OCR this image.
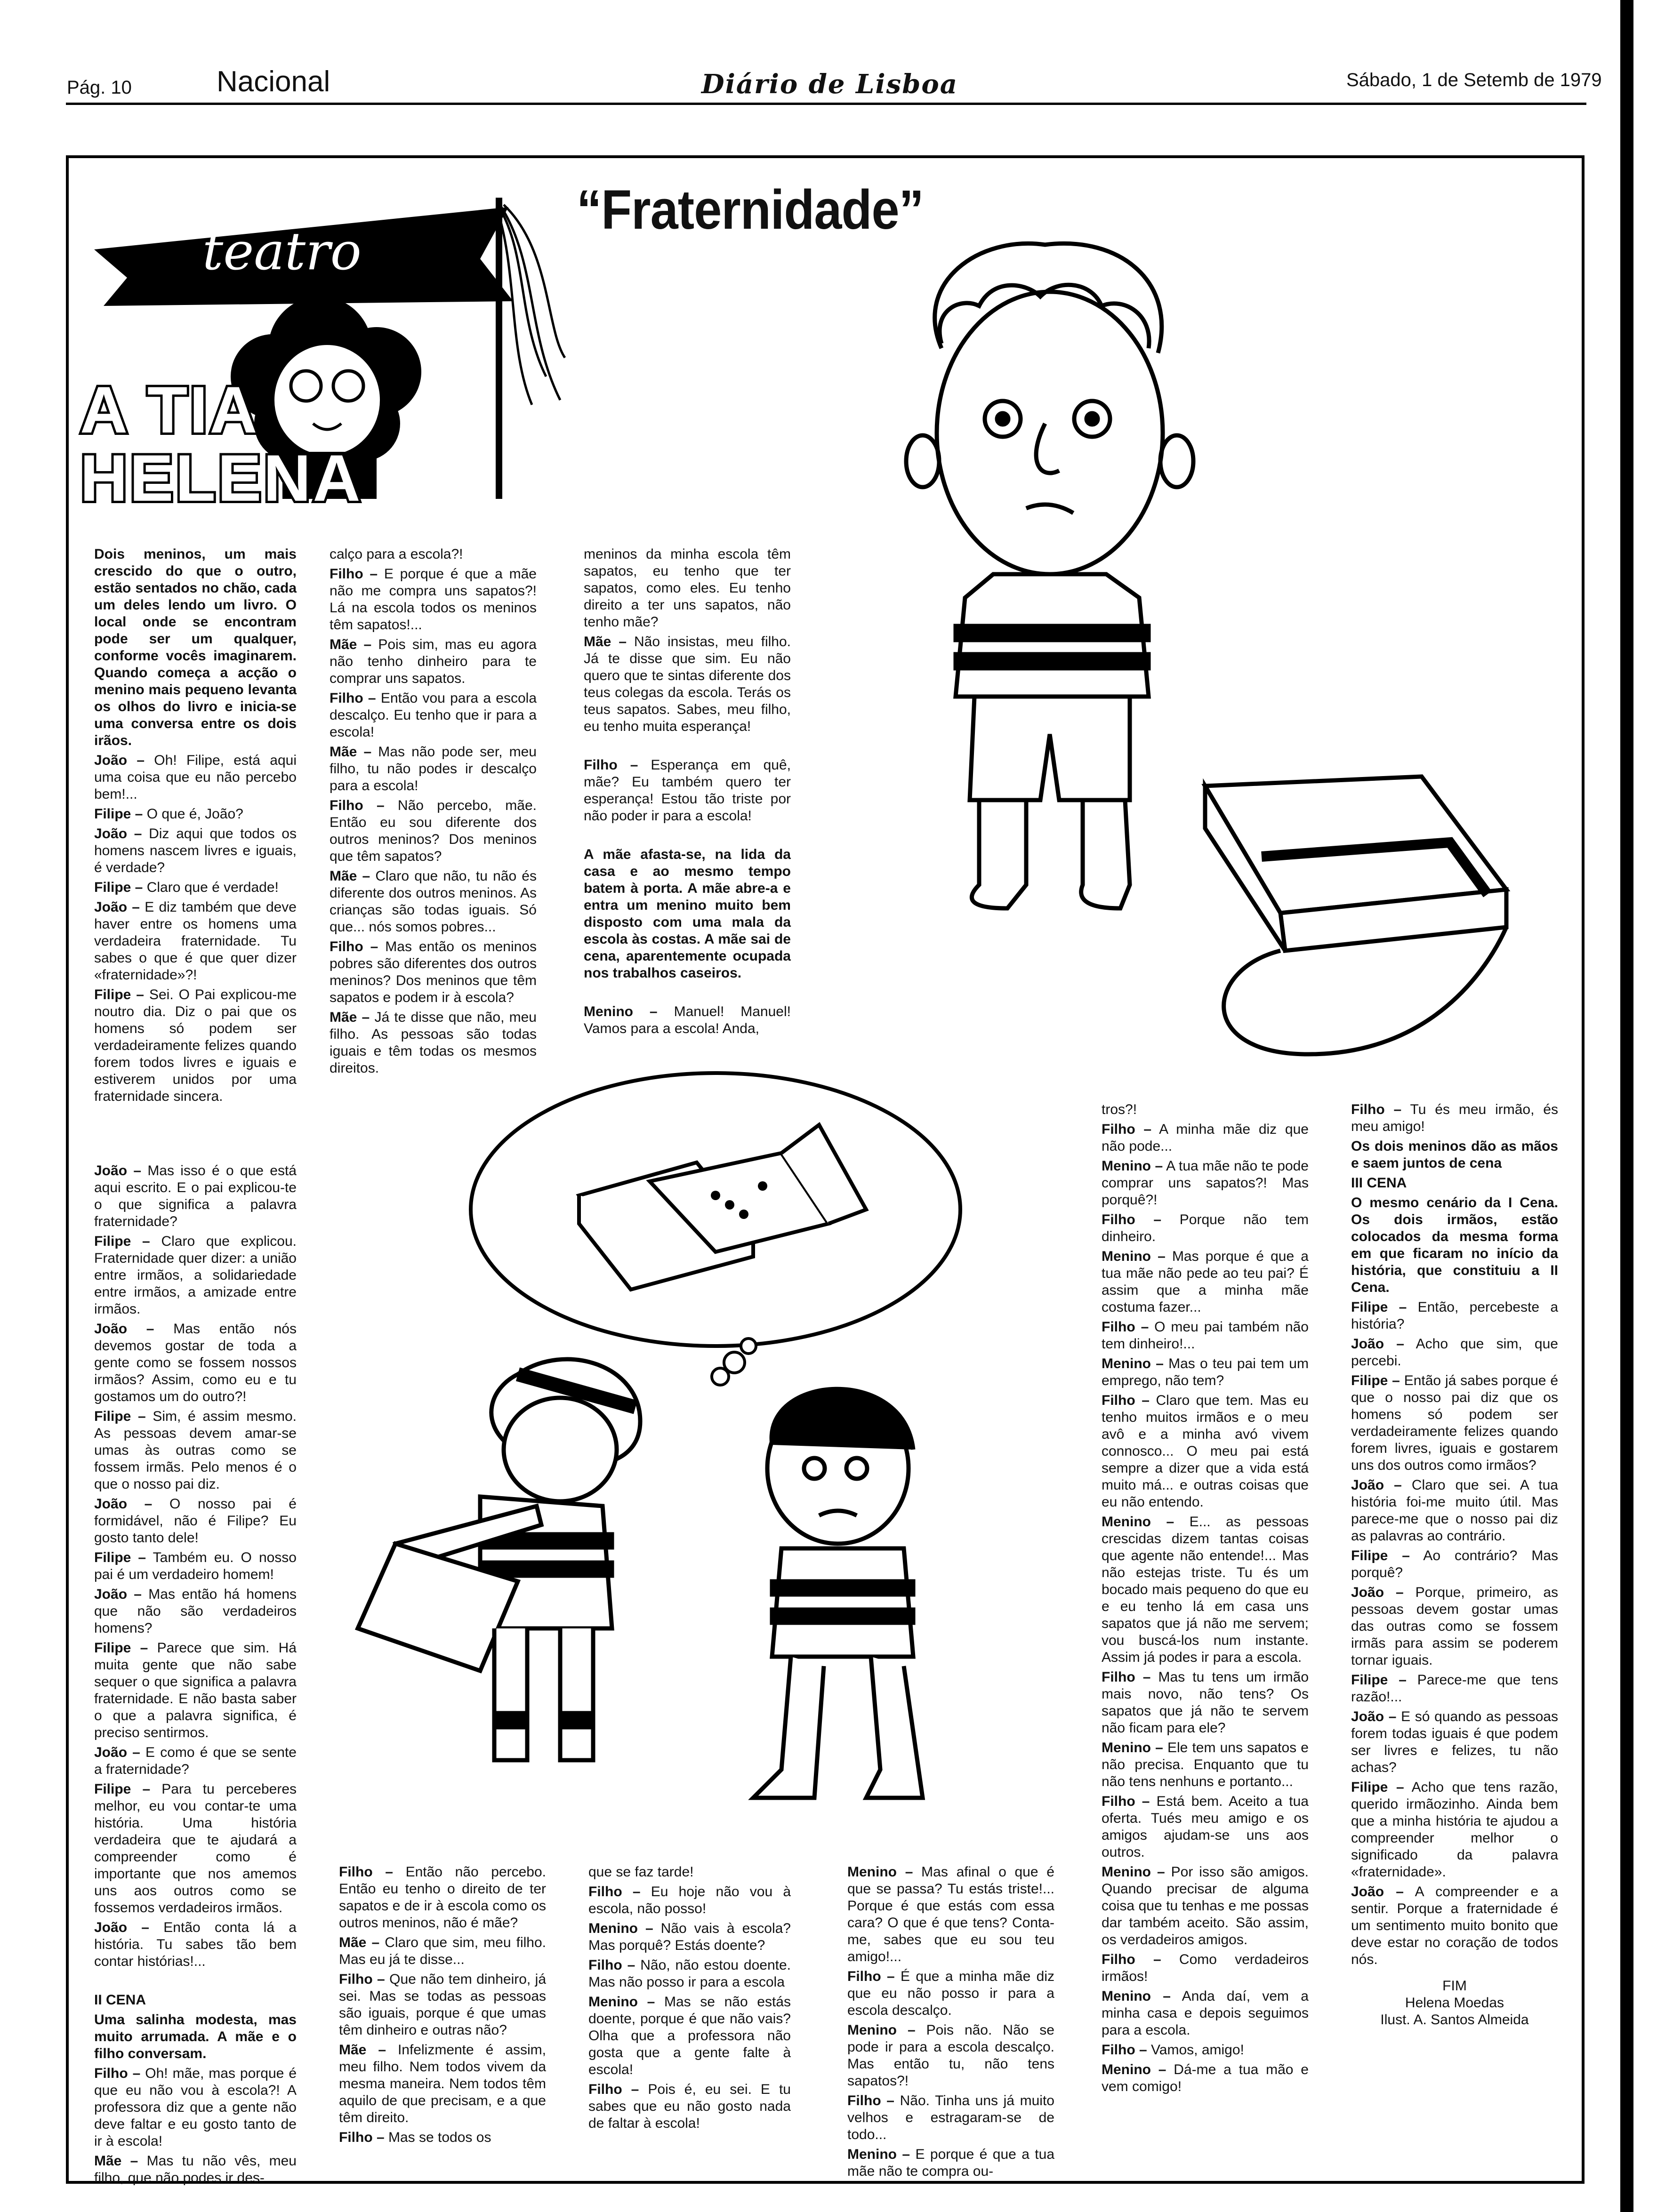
Pág. 10	Nacional	Diário de Lisboa	Sábado, 1 de Setemb de 1979
“Fraternidade”
teatro
A TIA
HELENA

Dois meninos, um mais crescido do que o outro, estão sentados no chão, cada um deles lendo um livro. O local onde se encontram pode ser um qualquer, conforme vocês imaginarem. Quando começa a acção o menino mais pequeno levanta os olhos do livro e inicia-se uma conversa entre os dois irãos.

João – Oh! Filipe, está aqui uma coisa que eu não percebo bem!...

Filipe – O que é, João?

João – Diz aqui que todos os homens nascem livres e iguais, é verdade?

Filipe – Claro que é verdade!

João – E diz também que deve haver entre os homens uma verdadeira fraternidade. Tu sabes o que é que quer dizer «fraternidade»?!

Filipe – Sei. O Pai explicou-me noutro dia. Diz o pai que os homens só podem ser verdadeiramente felizes quando forem todos livres e iguais e estiverem unidos por uma fraternidade sincera.

calço para a escola?!

Filho – E porque é que a mãe não me compra uns sapatos?! Lá na escola todos os meninos têm sapatos!...

Mãe – Pois sim, mas eu agora não tenho dinheiro para te comprar uns sapatos.

Filho – Então vou para a escola descalço. Eu tenho que ir para a escola!

Mãe – Mas não pode ser, meu filho, tu não podes ir descalço para a escola!

Filho – Não percebo, mãe. Então eu sou diferente dos outros meninos? Dos meninos que têm sapatos?

Mãe – Claro que não, tu não és diferente dos outros meninos. As crianças são todas iguais. Só que... nós somos pobres...

Filho – Mas então os meninos pobres são diferentes dos outros meninos? Dos meninos que têm sapatos e podem ir à escola?

Mãe – Já te disse que não, meu filho. As pessoas são todas iguais e têm todas os mesmos direitos.

meninos da minha escola têm sapatos, eu tenho que ter sapatos, como eles. Eu tenho direito a ter uns sapatos, não tenho mãe?

Mãe – Não insistas, meu filho. Já te disse que sim. Eu não quero que te sintas diferente dos teus colegas da escola. Terás os teus sapatos. Sabes, meu filho, eu tenho muita esperança!

Filho – Esperança em quê, mãe? Eu também quero ter esperança! Estou tão triste por não poder ir para a escola!

A mãe afasta-se, na lida da casa e ao mesmo tempo batem à porta. A mãe abre-a e entra um menino muito bem disposto com uma mala da escola às costas. A mãe sai de cena, aparentemente ocupada nos trabalhos caseiros.

Menino – Manuel! Manuel! Vamos para a escola! Anda,

João – Mas isso é o que está aqui escrito. E o pai explicou-te o que significa a palavra fraternidade?

Filipe – Claro que explicou. Fraternidade quer dizer: a união entre irmãos, a solidariedade entre irmãos, a amizade entre irmãos.

João – Mas então nós devemos gostar de toda a gente como se fossem nossos irmãos? Assim, como eu e tu gostamos um do outro?!

Filipe – Sim, é assim mesmo. As pessoas devem amar-se umas às outras como se fossem irmãs. Pelo menos é o que o nosso pai diz.

João – O nosso pai é formidável, não é Filipe? Eu gosto tanto dele!

Filipe – Também eu. O nosso pai é um verdadeiro homem!

João – Mas então há homens que não são verdadeiros homens?

Filipe – Parece que sim. Há muita gente que não sabe sequer o que significa a palavra fraternidade. E não basta saber o que a palavra significa, é preciso sentirmos.

João – E como é que se sente a fraternidade?

Filipe – Para tu perceberes melhor, eu vou contar-te uma história. Uma história verdadeira que te ajudará a compreender como é importante que nos amemos uns aos outros como se fossemos verdadeiros irmãos.

João – Então conta lá a história. Tu sabes tão bem contar histórias!...

II CENA

Uma salinha modesta, mas muito arrumada. A mãe e o filho conversam.

Filho – Oh! mãe, mas porque é que eu não vou à escola?! A professora diz que a gente não deve faltar e eu gosto tanto de ir à escola!

Mãe – Mas tu não vês, meu filho, que não podes ir des-

Filho – Então não percebo. Então eu tenho o direito de ter sapatos e de ir à escola como os outros meninos, não é mãe?

Mãe – Claro que sim, meu filho. Mas eu já te disse...

Filho – Que não tem dinheiro, já sei. Mas se todas as pessoas são iguais, porque é que umas têm dinheiro e outras não?

Mãe – Infelizmente é assim, meu filho. Nem todos vivem da mesma maneira. Nem todos têm aquilo de que precisam, e a que têm direito.

Filho – Mas se todos os

que se faz tarde!

Filho – Eu hoje não vou à escola, não posso!

Menino – Não vais à escola? Mas porquê? Estás doente?

Filho – Não, não estou doente. Mas não posso ir para a escola

Menino – Mas se não estás doente, porque é que não vais? Olha que a professora não gosta que a gente falte à escola!

Filho – Pois é, eu sei. E tu sabes que eu não gosto nada de faltar à escola!

Menino – Mas afinal o que é que se passa? Tu estás triste!... Porque é que estás com essa cara? O que é que tens? Conta-me, sabes que eu sou teu amigo!...

Filho – É que a minha mãe diz que eu não posso ir para a escola descalço.

Menino – Pois não. Não se pode ir para a escola descalço. Mas então tu, não tens sapatos?!

Filho – Não. Tinha uns já muito velhos e estragaram-se de todo...

Menino – E porque é que a tua mãe não te compra ou-

tros?!

Filho – A minha mãe diz que não pode...

Menino – A tua mãe não te pode comprar uns sapatos?! Mas porquê?!

Filho – Porque não tem dinheiro.

Menino – Mas porque é que a tua mãe não pede ao teu pai? É assim que a minha mãe costuma fazer...

Filho – O meu pai também não tem dinheiro!...

Menino – Mas o teu pai tem um emprego, não tem?

Filho – Claro que tem. Mas eu tenho muitos irmãos e o meu avô e a minha avó vivem connosco... O meu pai está sempre a dizer que a vida está muito má... e outras coisas que eu não entendo.

Menino – E... as pessoas crescidas dizem tantas coisas que agente não entende!... Mas não estejas triste. Tu és um bocado mais pequeno do que eu e eu tenho lá em casa uns sapatos que já não me servem; vou buscá-los num instante. Assim já podes ir para a escola.

Filho – Mas tu tens um irmão mais novo, não tens? Os sapatos que já não te servem não ficam para ele?

Menino – Ele tem uns sapatos e não precisa. Enquanto que tu não tens nenhuns e portanto...

Filho – Está bem. Aceito a tua oferta. Tués meu amigo e os amigos ajudam-se uns aos outros.

Menino – Por isso são amigos. Quando precisar de alguma coisa que tu tenhas e me possas dar também aceito. São assim, os verdadeiros amigos.

Filho – Como verdadeiros irmãos!

Menino – Anda daí, vem a minha casa e depois seguimos para a escola.

Filho – Vamos, amigo!

Menino – Dá-me a tua mão e vem comigo!

Filho – Tu és meu irmão, és meu amigo!

Os dois meninos dão as mãos e saem juntos de cena

III CENA

O mesmo cenário da I Cena. Os dois irmãos, estão colocados da mesma forma em que ficaram no início da história, que constituiu a II Cena.

Filipe – Então, percebeste a história?

João – Acho que sim, que percebi.

Filipe – Então já sabes porque é que o nosso pai diz que os homens só podem ser verdadeiramente felizes quando forem livres, iguais e gostarem uns dos outros como irmãos?

João – Claro que sei. A tua história foi-me muito útil. Mas parece-me que o nosso pai diz as palavras ao contrário.

Filipe – Ao contrário? Mas porquê?

João – Porque, primeiro, as pessoas devem gostar umas das outras como se fossem irmãs para assim se poderem tornar iguais.

Filipe – Parece-me que tens razão!...

João – E só quando as pessoas forem todas iguais é que podem ser livres e felizes, tu não achas?

Filipe – Acho que tens razão, querido irmãozinho. Ainda bem que a minha história te ajudou a compreender melhor o significado da palavra «fraternidade».

João – A compreender e a sentir. Porque a fraternidade é um sentimento muito bonito que deve estar no coração de todos nós.

FIM
Helena Moedas
Ilust. A. Santos Almeida
